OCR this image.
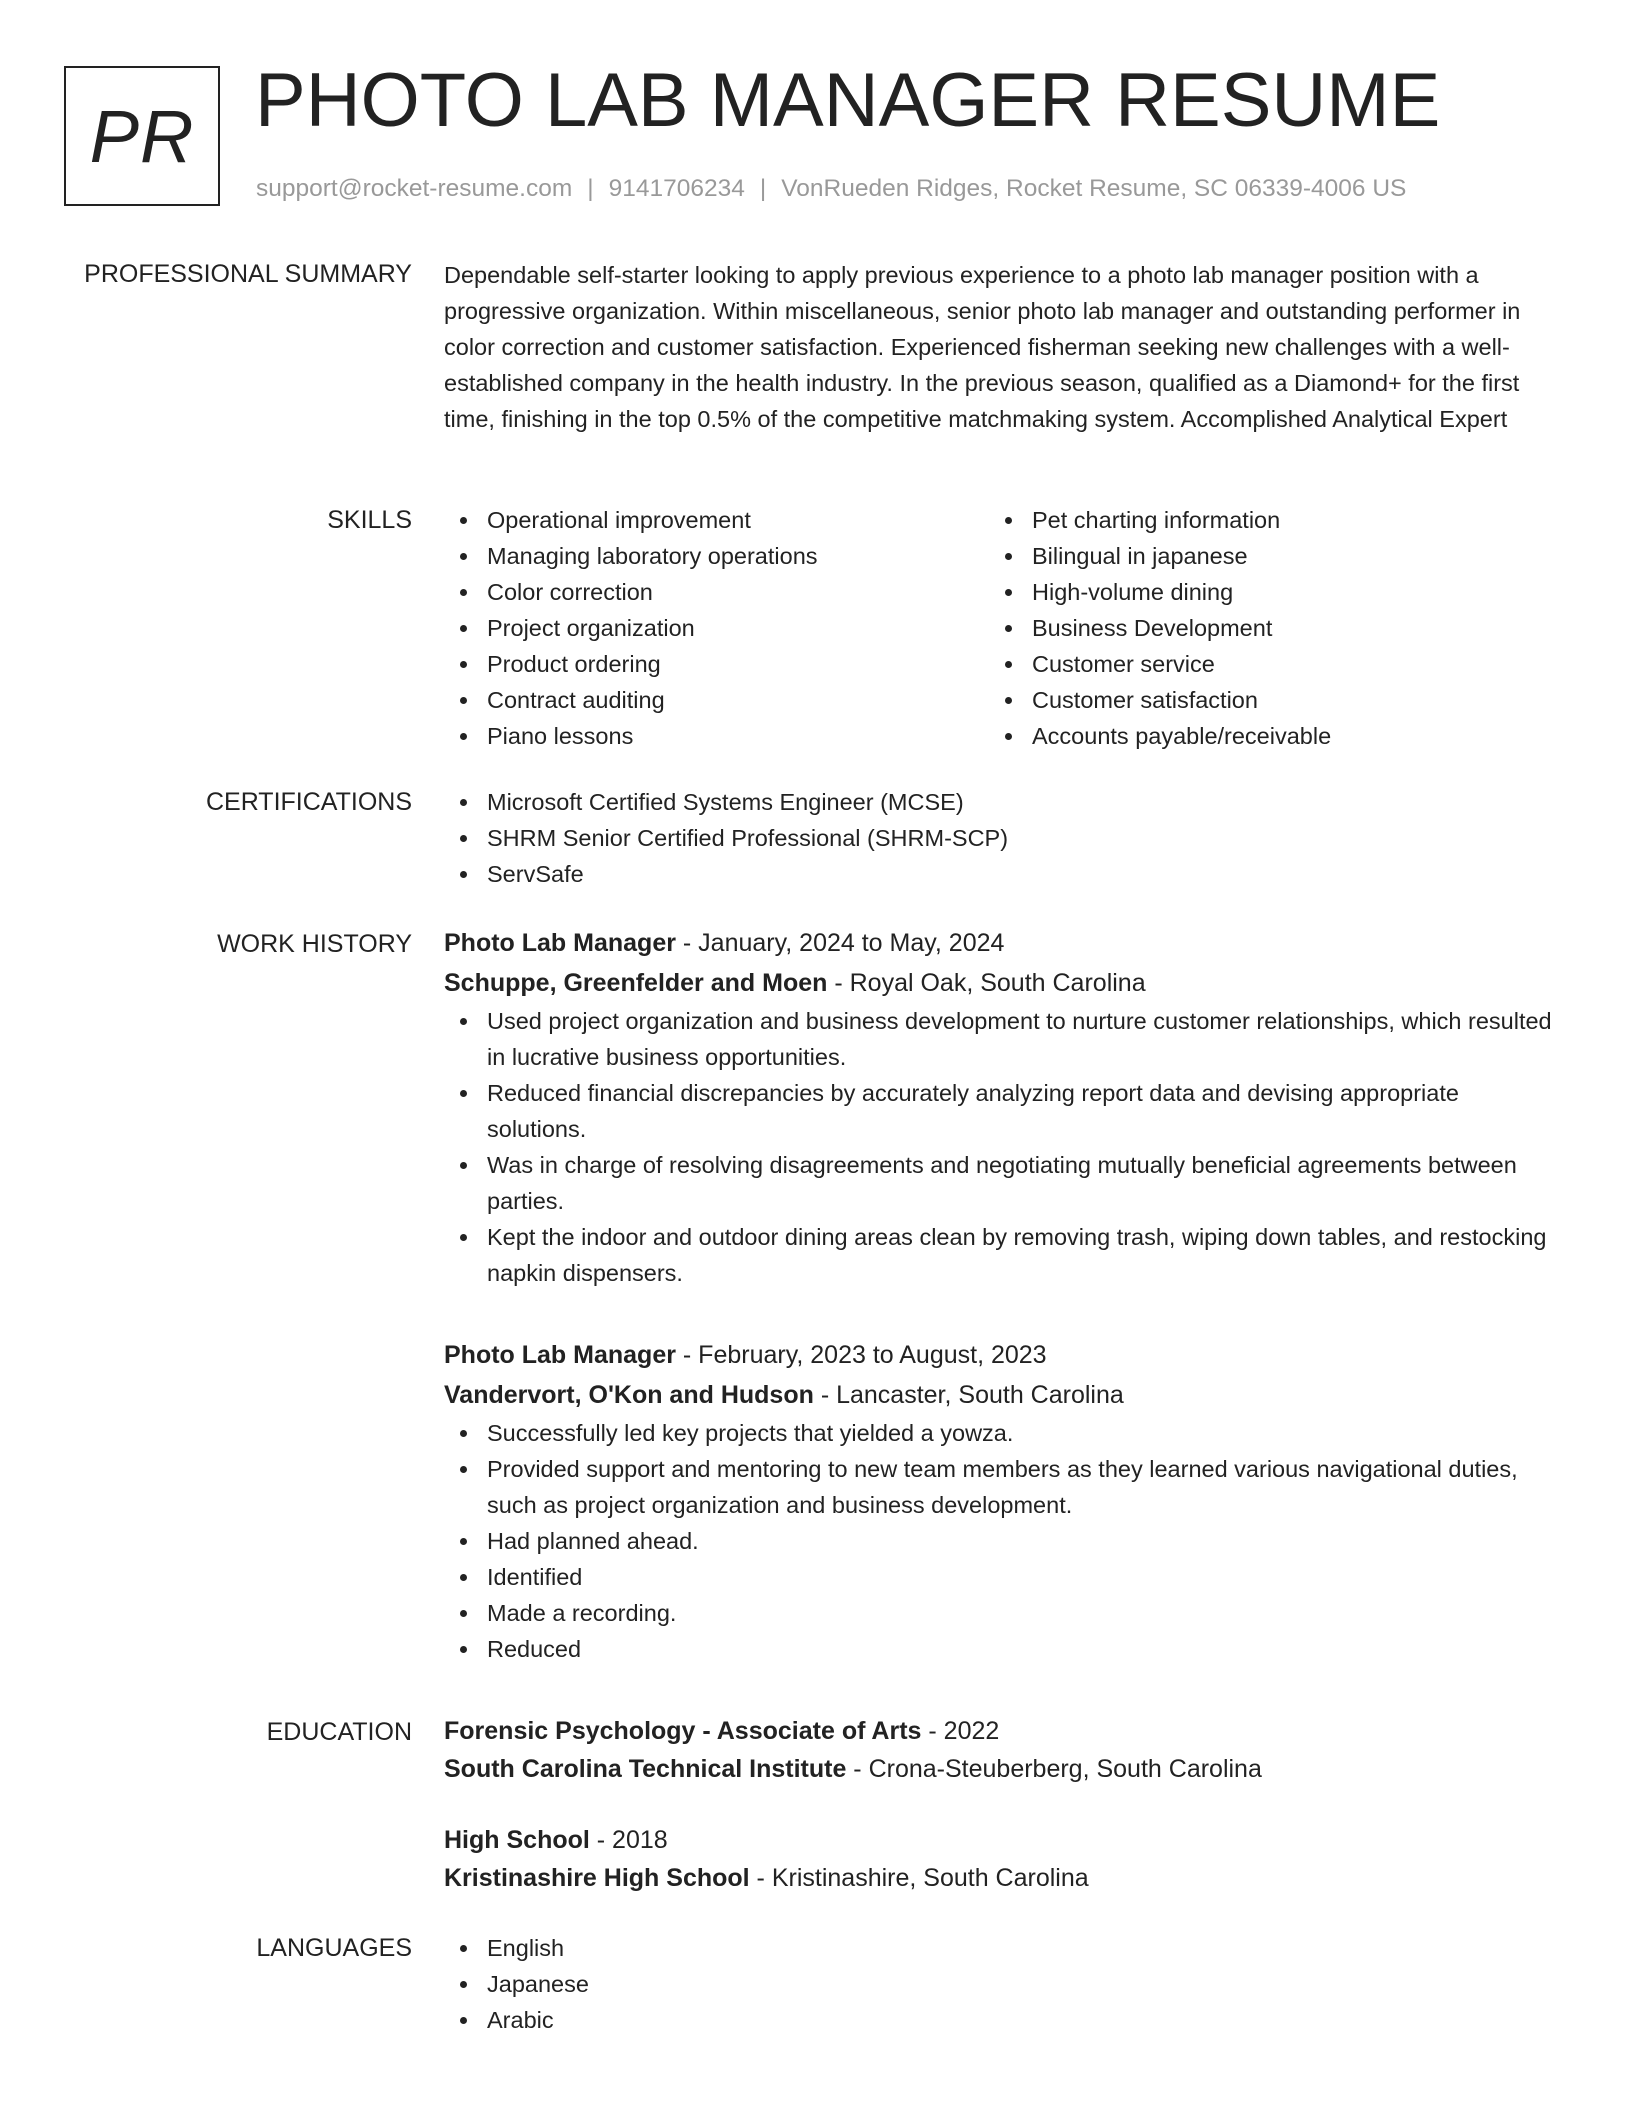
PR PHOTO LAB MANAGER RESUME
support@rocket-resume.com | 9141706234 | VonRueden Ridges, Rocket Resume, SC 06339-4006 US
PROFESSIONAL SUMMARY Dependable self-starter looking to apply previous experience to a photo lab manager position with a progressive organization. Within miscellaneous, senior photo lab manager and outstanding performer in color correction and customer satisfaction. Experienced fisherman seeking new challenges with a well-established company in the health industry. In the previous season, qualified as a Diamond+ for the first time, finishing in the top 0.5% of the competitive matchmaking system. Accomplished Analytical Expert

SKILLS	Operational improvement
Managing laboratory operations
Color correction
Project organization
Product ordering
Contract auditing
Piano lessons
Pet charting information
Bilingual in japanese
High-volume dining
Business Development
Customer service
Customer satisfaction
Accounts payable/receivable
CERTIFICATIONS	Microsoft Certified Systems Engineer (MCSE)
SHRM Senior Certified Professional (SHRM-SCP)
ServSafe
WORK HISTORY Photo Lab Manager - January, 2024 to May, 2024
Schuppe, Greenfelder and Moen - Royal Oak, South Carolina
Used project organization and business development to nurture customer relationships, which resulted in lucrative business opportunities.
Reduced financial discrepancies by accurately analyzing report data and devising appropriate solutions.
Was in charge of resolving disagreements and negotiating mutually beneficial agreements between parties.
Kept the indoor and outdoor dining areas clean by removing trash, wiping down tables, and restocking napkin dispensers.
Photo Lab Manager - February, 2023 to August, 2023
Vandervort, O'Kon and Hudson - Lancaster, South Carolina
Successfully led key projects that yielded a yowza.
Provided support and mentoring to new team members as they learned various navigational duties, such as project organization and business development.
Had planned ahead.
Identified
Made a recording.
Reduced
EDUCATION Forensic Psychology - Associate of Arts - 2022
South Carolina Technical Institute - Crona-Steuberberg, South Carolina
High School - 2018
Kristinashire High School - Kristinashire, South Carolina
LANGUAGES	English
Japanese
Arabic
